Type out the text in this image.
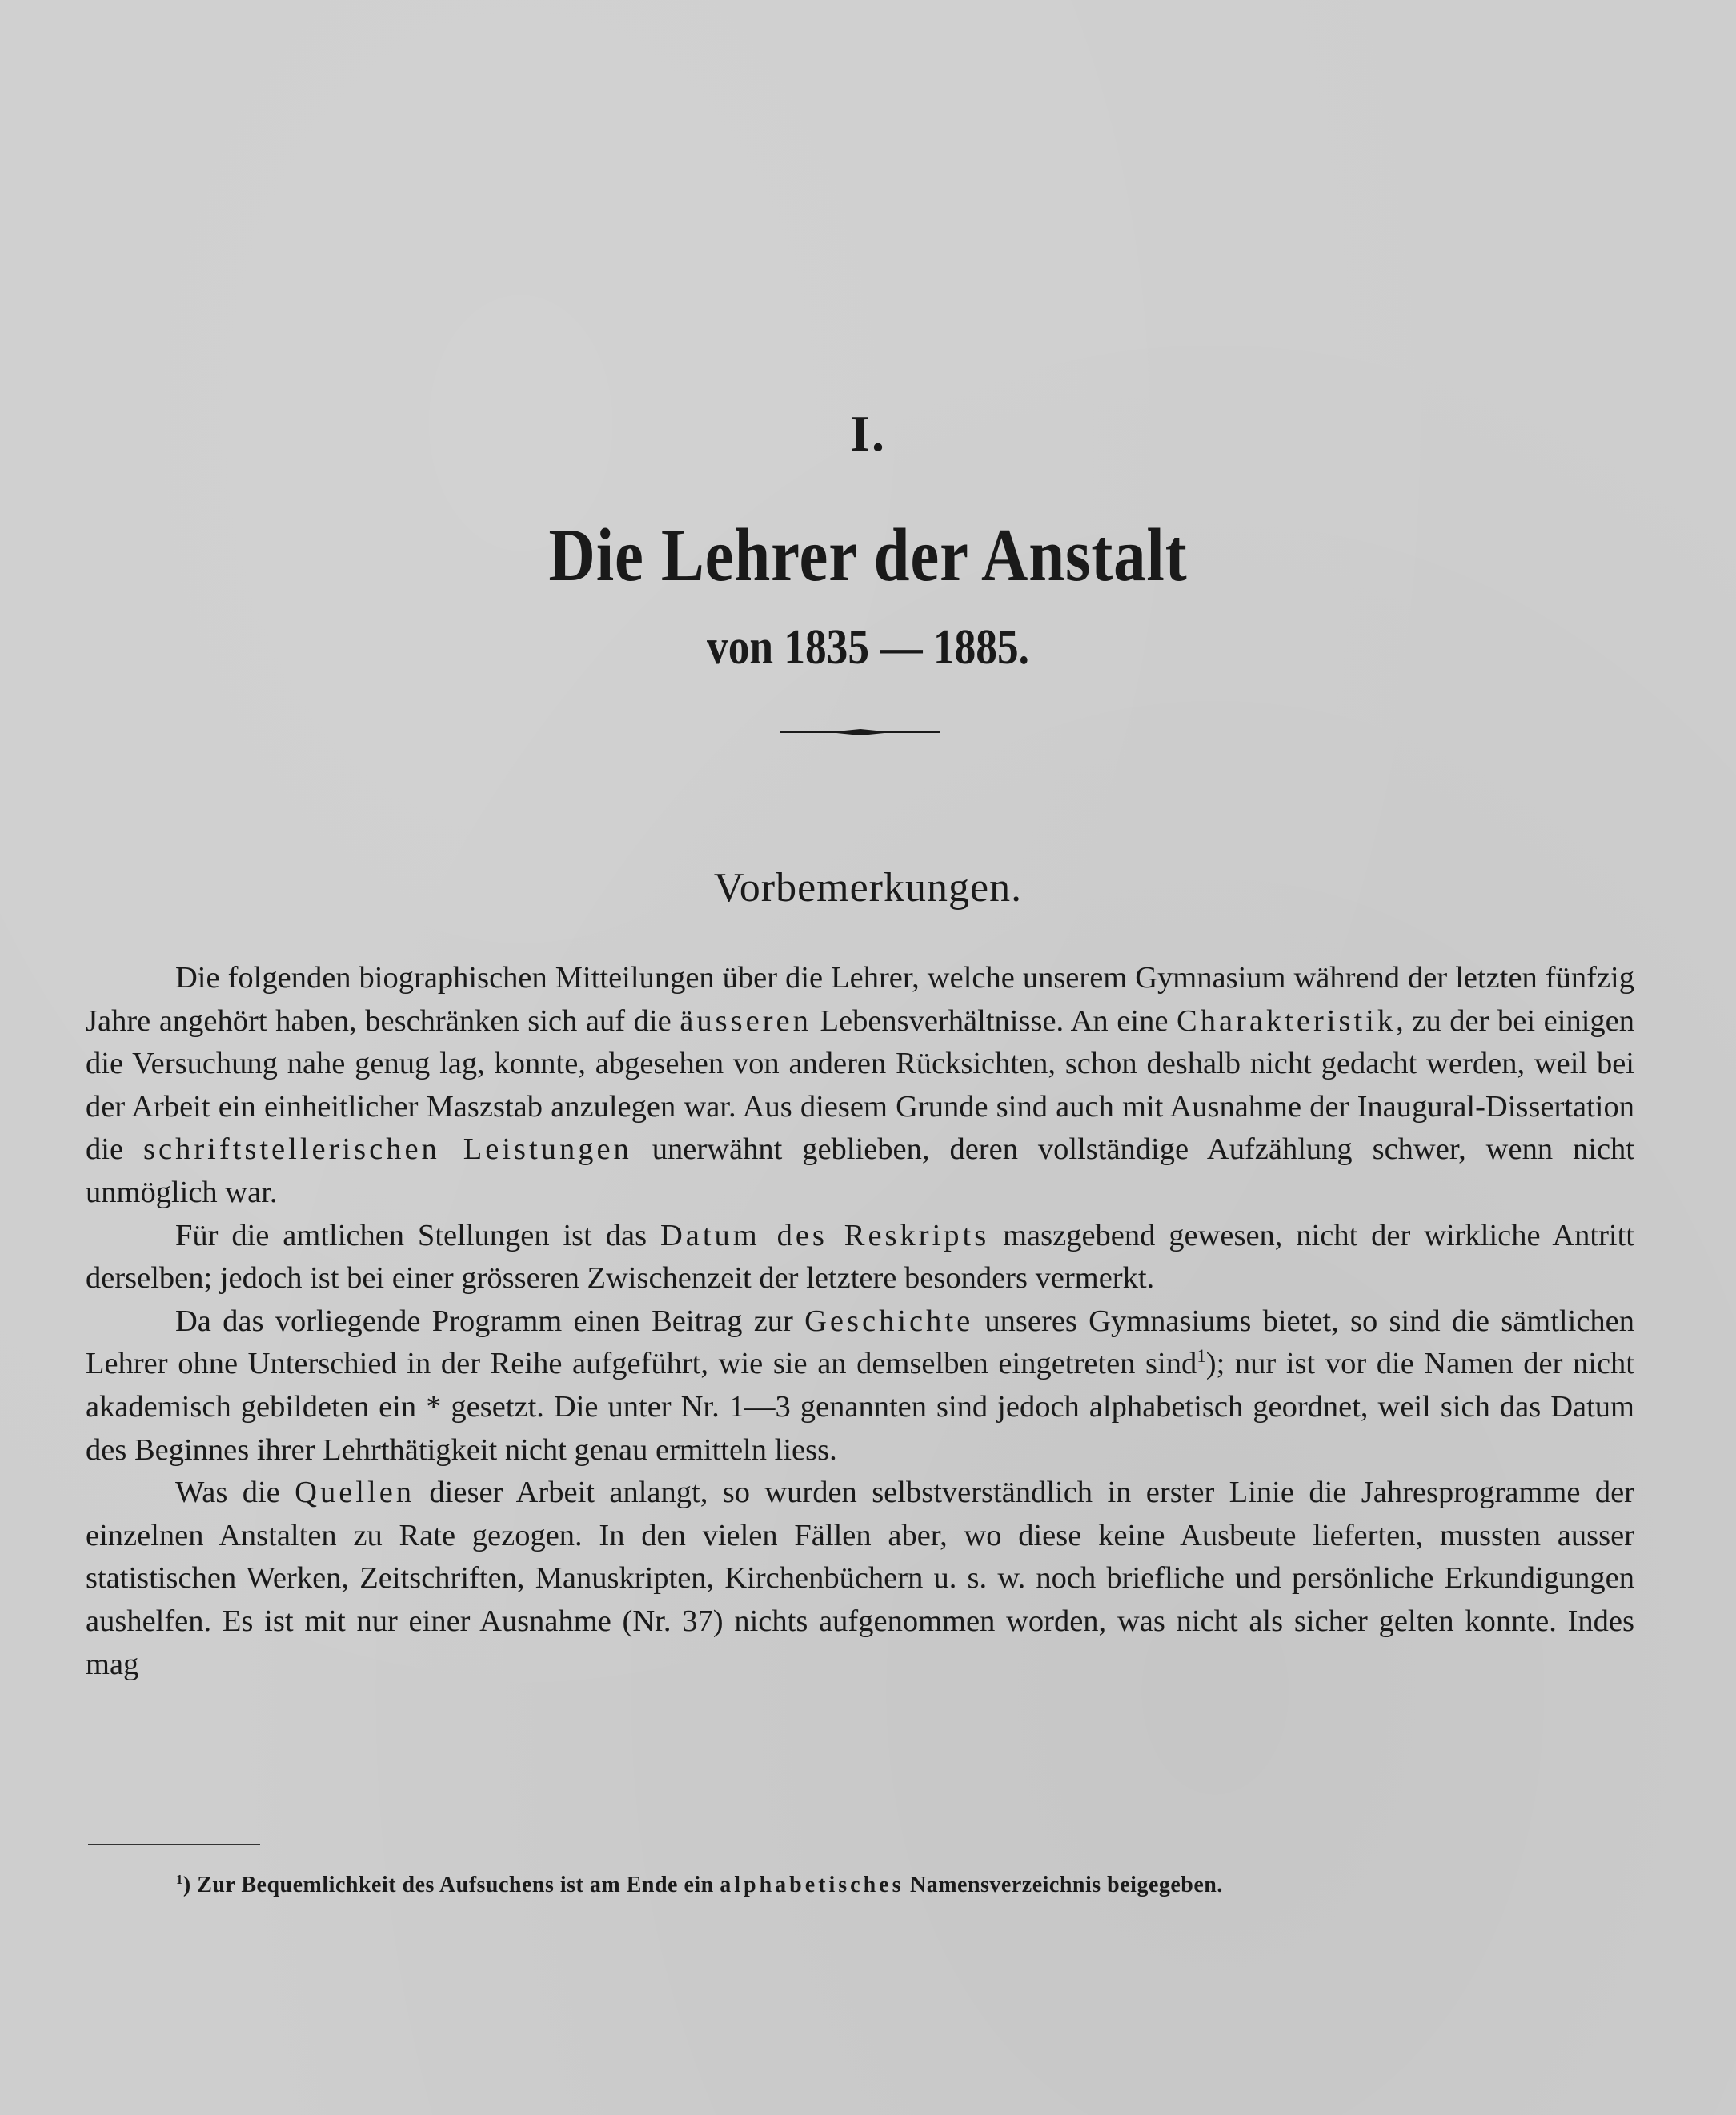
I.
Die Lehrer der Anstalt
von 1835 — 1885.
Vorbemerkungen.

Die folgenden biographischen Mitteilungen über die Lehrer, welche unserem Gymnasium während der letzten fünfzig Jahre angehört haben, beschränken sich auf die äusseren Lebensverhältnisse. An eine Charakteristik, zu der bei einigen die Versuchung nahe genug lag, konnte, abgesehen von anderen Rücksichten, schon deshalb nicht gedacht werden, weil bei der Arbeit ein einheitlicher Maszstab anzulegen war. Aus diesem Grunde sind auch mit Ausnahme der Inaugural-Dissertation die schriftstellerischen Leistungen unerwähnt geblieben, deren vollständige Aufzählung schwer, wenn nicht unmöglich war.

Für die amtlichen Stellungen ist das Datum des Reskripts maszgebend gewesen, nicht der wirkliche Antritt derselben; jedoch ist bei einer grösseren Zwischenzeit der letztere besonders vermerkt.

Da das vorliegende Programm einen Beitrag zur Geschichte unseres Gymnasiums bietet, so sind die sämtlichen Lehrer ohne Unterschied in der Reihe aufgeführt, wie sie an demselben eingetreten sind$^1$); nur ist vor die Namen der nicht akademisch gebildeten ein * gesetzt. Die unter Nr. 1—3 genannten sind jedoch alphabetisch geordnet, weil sich das Datum des Beginnes ihrer Lehrthätigkeit nicht genau ermitteln liess.

Was die Quellen dieser Arbeit anlangt, so wurden selbstverständlich in erster Linie die Jahresprogramme der einzelnen Anstalten zu Rate gezogen. In den vielen Fällen aber, wo diese keine Ausbeute lieferten, mussten ausser statistischen Werken, Zeitschriften, Manuskripten, Kirchenbüchern u. s. w. noch briefliche und persönliche Erkundigungen aushelfen. Es ist mit nur einer Ausnahme (Nr. 37) nichts aufgenommen worden, was nicht als sicher gelten konnte. Indes mag

$^1$) Zur Bequemlichkeit des Aufsuchens ist am Ende ein alphabetisches Namensverzeichnis beigegeben.
